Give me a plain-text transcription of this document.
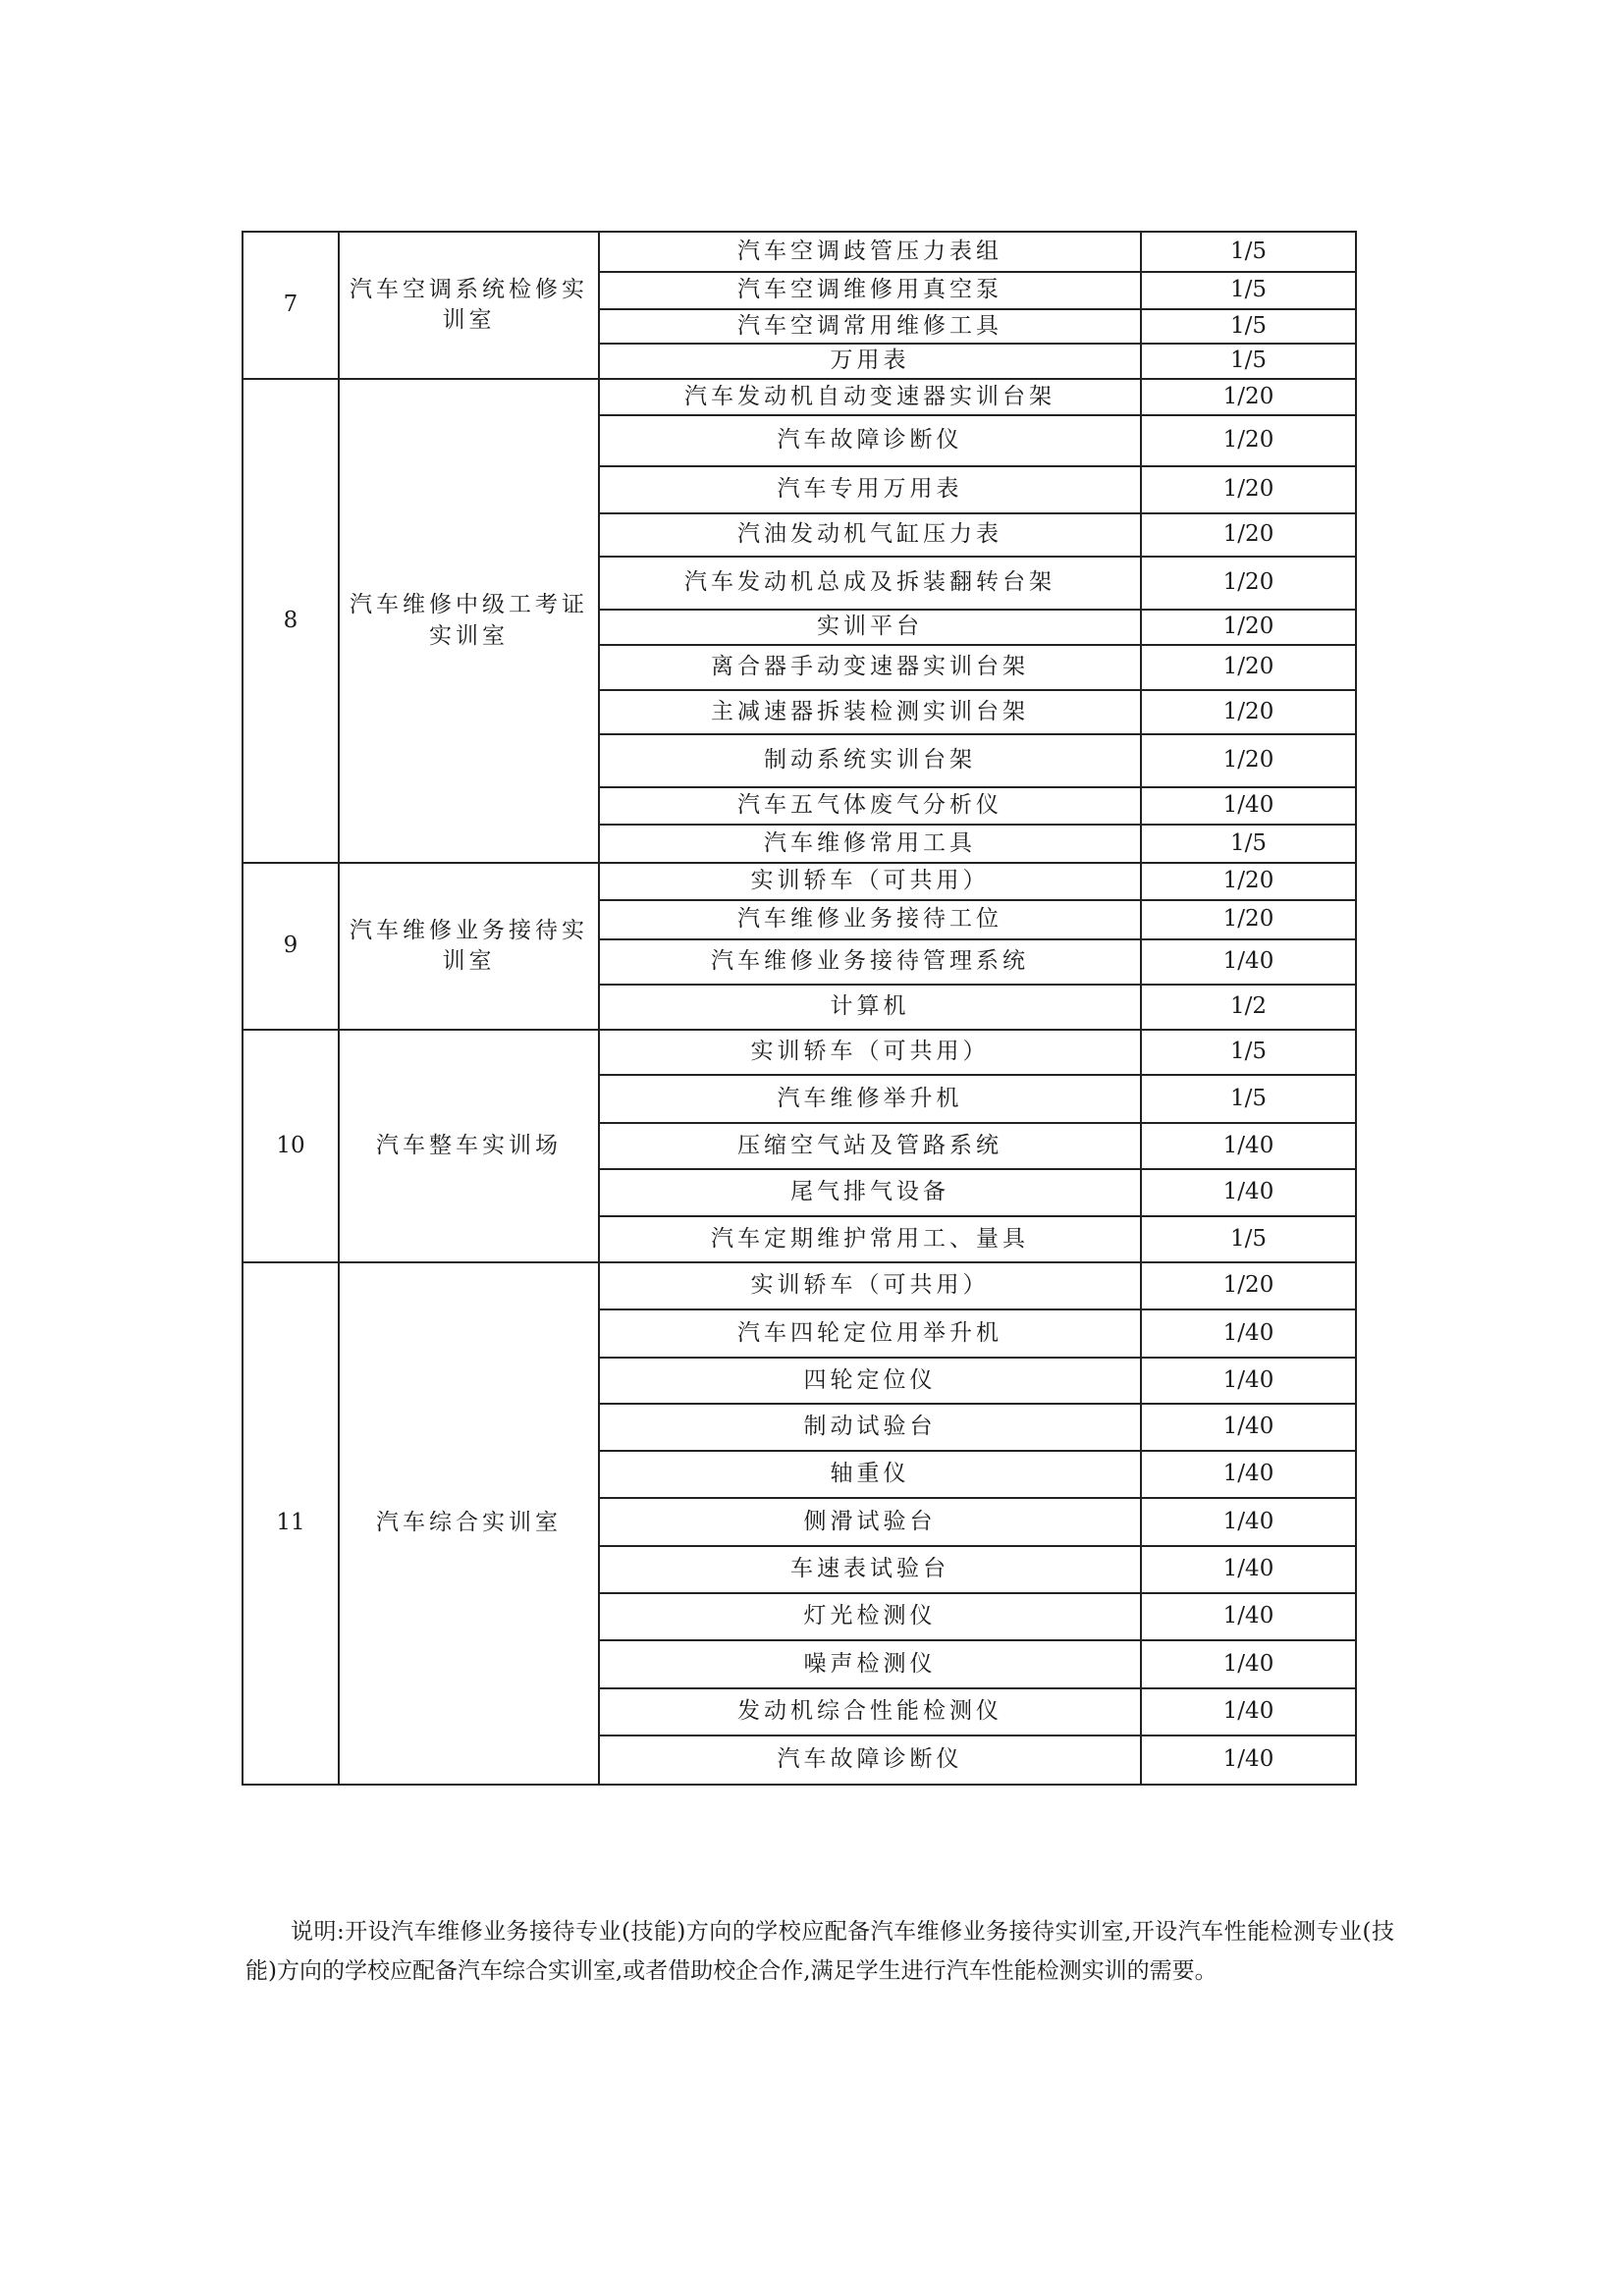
7	汽车空调系统检修实训室	汽车空调歧管压力表组	1/5
		汽车空调维修用真空泵	1/5
		汽车空调常用维修工具	1/5
		万用表	1/5
8	汽车维修中级工考证实训室	汽车发动机自动变速器实训台架	1/20
		汽车故障诊断仪	1/20
		汽车专用万用表	1/20
		汽油发动机气缸压力表	1/20
		汽车发动机总成及拆装翻转台架	1/20
		实训平台	1/20
		离合器手动变速器实训台架	1/20
		主减速器拆装检测实训台架	1/20
		制动系统实训台架	1/20
		汽车五气体废气分析仪	1/40
		汽车维修常用工具	1/5
9	汽车维修业务接待实训室	实训轿车（可共用）	1/20
		汽车维修业务接待工位	1/20
		汽车维修业务接待管理系统	1/40
		计算机	1/2
10	汽车整车实训场	实训轿车（可共用）	1/5
		汽车维修举升机	1/5
		压缩空气站及管路系统	1/40
		尾气排气设备	1/40
		汽车定期维护常用工、量具	1/5
11	汽车综合实训室	实训轿车（可共用）	1/20
		汽车四轮定位用举升机	1/40
		四轮定位仪	1/40
		制动试验台	1/40
		轴重仪	1/40
		侧滑试验台	1/40
		车速表试验台	1/40
		灯光检测仪	1/40
		噪声检测仪	1/40
		发动机综合性能检测仪	1/40
		汽车故障诊断仪	1/40

说明:开设汽车维修业务接待专业(技能)方向的学校应配备汽车维修业务接待实训室,开设汽车性能检测专业(技能)方向的学校应配备汽车综合实训室,或者借助校企合作,满足学生进行汽车性能检测实训的需要。
